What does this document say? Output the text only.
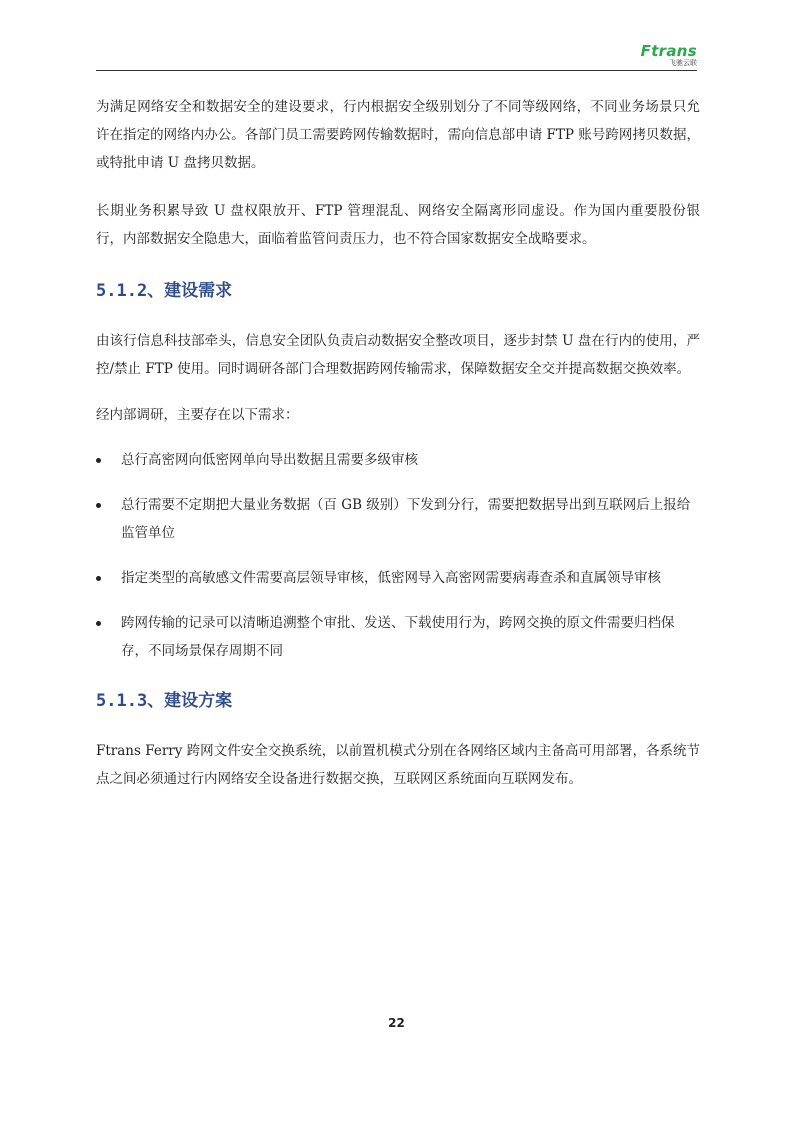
Ftrans
飞驰云联

为满足网络安全和数据安全的建设要求，行内根据安全级别划分了不同等级网络，不同业务场景只允许在指定的网络内办公。各部门员工需要跨网传输数据时，需向信息部申请 FTP 账号跨网拷贝数据，或特批申请 U 盘拷贝数据。

长期业务积累导致 U 盘权限放开、FTP 管理混乱、网络安全隔离形同虚设。作为国内重要股份银行，内部数据安全隐患大，面临着监管问责压力，也不符合国家数据安全战略要求。

5.1.2、建设需求

由该行信息科技部牵头，信息安全团队负责启动数据安全整改项目，逐步封禁 U 盘在行内的使用，严控/禁止 FTP 使用。同时调研各部门合理数据跨网传输需求，保障数据安全交并提高数据交换效率。

经内部调研，主要存在以下需求：

总行高密网向低密网单向导出数据且需要多级审核
总行需要不定期把大量业务数据（百 GB 级别）下发到分行，需要把数据导出到互联网后上报给监管单位
指定类型的高敏感文件需要高层领导审核，低密网导入高密网需要病毒查杀和直属领导审核
跨网传输的记录可以清晰追溯整个审批、发送、下载使用行为，跨网交换的原文件需要归档保存，不同场景保存周期不同
5.1.3、建设方案

Ftrans Ferry 跨网文件安全交换系统，以前置机模式分别在各网络区域内主备高可用部署，各系统节点之间必须通过行内网络安全设备进行数据交换，互联网区系统面向互联网发布。

22
